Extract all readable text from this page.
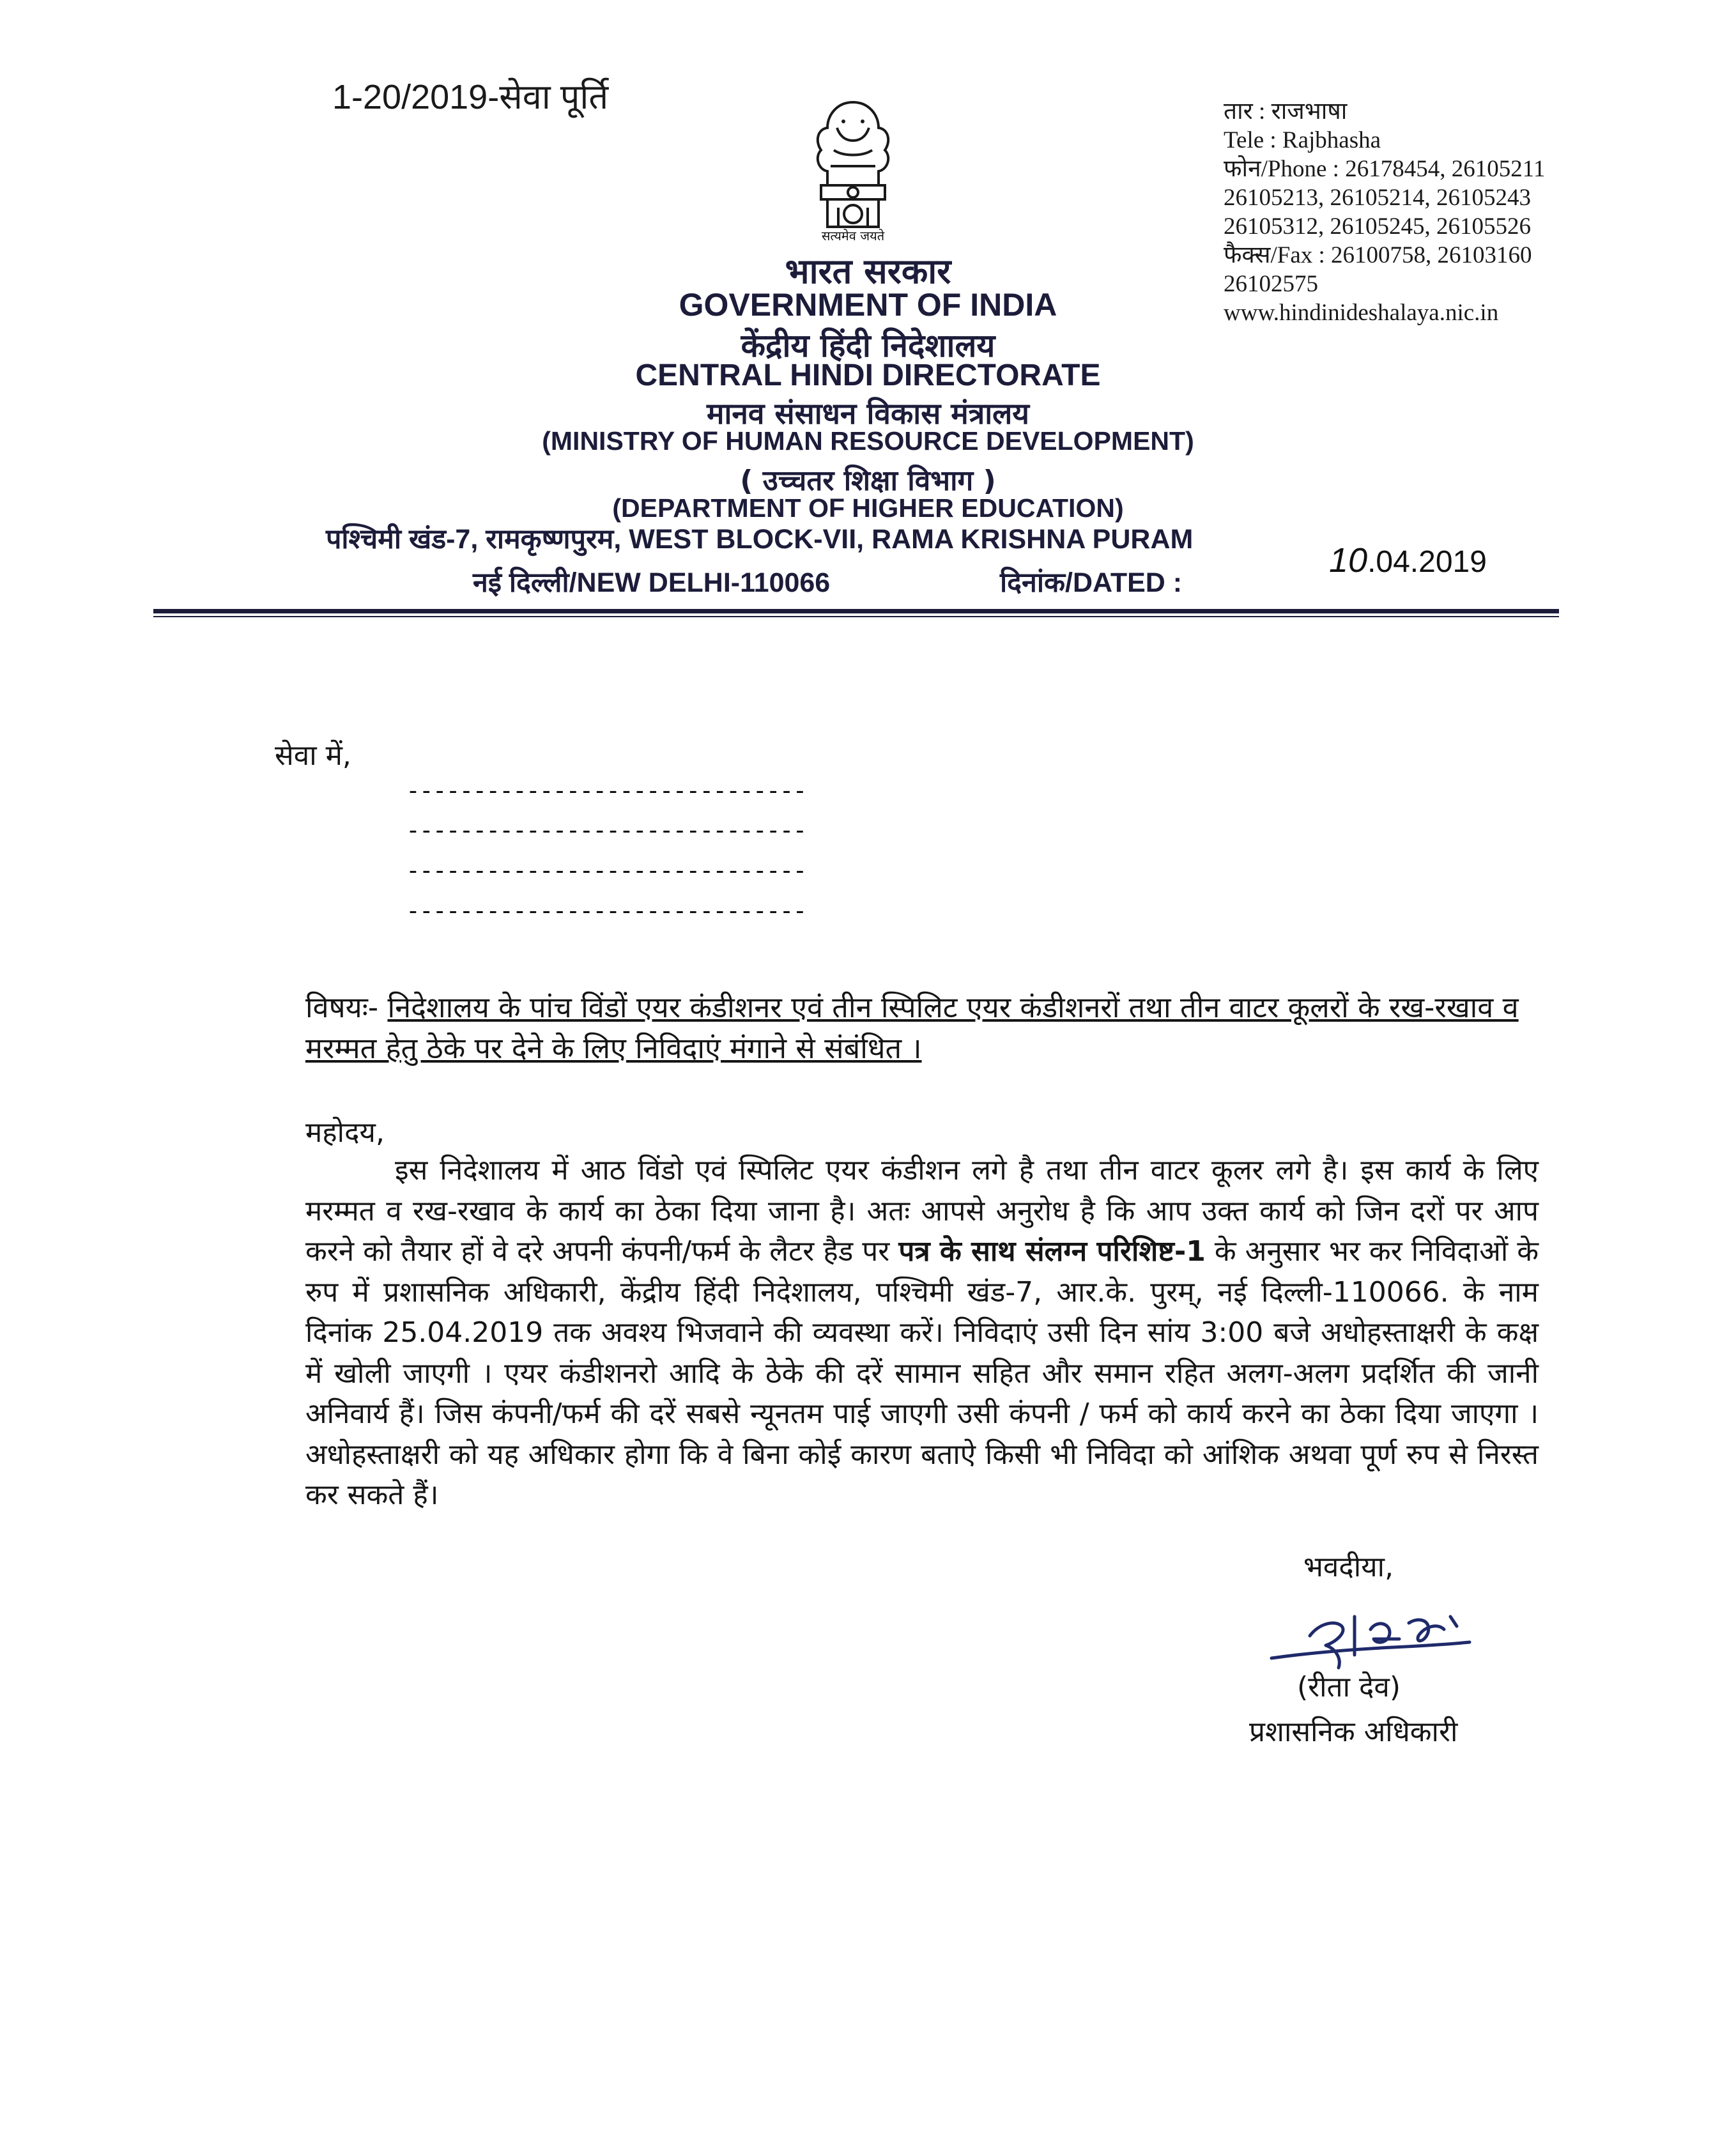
1-20/2019-सेवा पूर्ति
सत्यमेव जयते
भारत सरकार
GOVERNMENT OF INDIA
केंद्रीय हिंदी निदेशालय
CENTRAL HINDI DIRECTORATE
मानव संसाधन विकास मंत्रालय
(MINISTRY OF HUMAN RESOURCE DEVELOPMENT)
( उच्चतर शिक्षा विभाग )
(DEPARTMENT OF HIGHER EDUCATION)
पश्चिमी खंड-7, रामकृष्णपुरम, WEST BLOCK-VII, RAMA KRISHNA PURAM
नई दिल्ली/NEW DELHI-110066	दिनांक/DATED :
10.04.2019
तार : राजभाषा
Tele : Rajbhasha
फोन/Phone : 26178454, 26105211
26105213, 26105214, 26105243
26105312, 26105245, 26105526
फैक्स/Fax : 26100758, 26103160
26102575
www.hindinideshalaya.nic.in
सेवा में,
------------------------------
------------------------------
------------------------------
------------------------------
विषयः- निदेशालय के पांच विंडों एयर कंडीशनर एवं तीन स्पिलिट एयर कंडीशनरों तथा तीन वाटर कूलरों के रख-रखाव व मरम्मत हेतु ठेके पर देने के लिए निविदाएं मंगाने से संबंधित ।
महोदय,
इस निदेशालय में आठ विंडो एवं स्पिलिट एयर कंडीशन लगे है तथा तीन वाटर कूलर लगे है। इस कार्य के लिए मरम्मत व रख-रखाव के कार्य का ठेका दिया जाना है। अतः आपसे अनुरोध है कि आप उक्त कार्य को जिन दरों पर आप करने को तैयार हों वे दरे अपनी कंपनी/फर्म के लैटर हैड पर पत्र के साथ संलग्न परिशिष्ट-1 के अनुसार भर कर निविदाओं के रुप में प्रशासनिक अधिकारी, केंद्रीय हिंदी निदेशालय, पश्चिमी खंड-7, आर.के. पुरम्, नई दिल्ली-110066. के नाम दिनांक 25.04.2019 तक अवश्य भिजवाने की व्यवस्था करें। निविदाएं उसी दिन सांय 3:00 बजे अधोहस्ताक्षरी के कक्ष में खोली जाएगी । एयर कंडीशनरो आदि के ठेके की दरें सामान सहित और समान रहित अलग-अलग प्रदर्शित की जानी अनिवार्य हैं। जिस कंपनी/फर्म की दरें सबसे न्यूनतम पाई जाएगी उसी कंपनी / फर्म को कार्य करने का ठेका दिया जाएगा । अधोहस्ताक्षरी को यह अधिकार होगा कि वे बिना कोई कारण बताऐ किसी भी निविदा को आंशिक अथवा पूर्ण रुप से निरस्त कर सकते हैं।
भवदीया,
(रीता देव)
प्रशासनिक अधिकारी
